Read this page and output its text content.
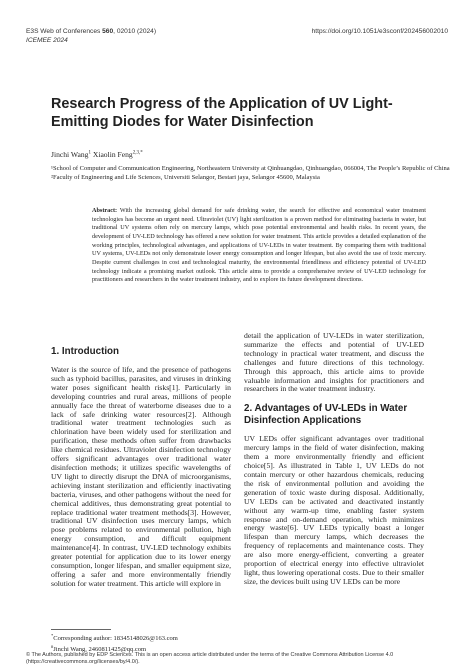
E3S Web of Conferences 560, 02010 (2024)
ICEMEE 2024
https://doi.org/10.1051/e3sconf/202456002010
Research Progress of the Application of UV Light-Emitting Diodes for Water Disinfection
Jinchi Wang$^1$ Xiaolin Feng$^{2,3,*}$

¹School of Computer and Communication Engineering, Northeastern University at Qinhuangdao, Qinhuangdao, 066004, The People’s Republic of China

²Faculty of Engineering and Life Sciences, Universiti Selangor, Bestari jaya, Selangor 45600, Malaysia

Abstract: With the increasing global demand for safe drinking water, the search for effective and economical water treatment technologies has become an urgent need. Ultraviolet (UV) light sterilization is a proven method for eliminating bacteria in water, but traditional UV systems often rely on mercury lamps, which pose potential environmental and health risks. In recent years, the development of UV-LED technology has offered a new solution for water treatment. This article provides a detailed explanation of the working principles, technological advantages, and applications of UV-LEDs in water treatment. By comparing them with traditional UV systems, UV-LEDs not only demonstrate lower energy consumption and longer lifespan, but also avoid the use of toxic mercury. Despite current challenges in cost and technological maturity, the environmental friendliness and efficiency potential of UV-LED technology indicate a promising market outlook. This article aims to provide a comprehensive review of UV-LED technology for practitioners and researchers in the water treatment industry, and to explore its future development directions.
1. Introduction

Water is the source of life, and the presence of pathogens such as typhoid bacillus, parasites, and viruses in drinking water poses significant health risks[1]. Particularly in developing countries and rural areas, millions of people annually face the threat of waterborne diseases due to a lack of safe drinking water resources[2]. Although traditional water treatment technologies such as chlorination have been widely used for sterilization and purification, these methods often suffer from drawbacks like chemical residues. Ultraviolet disinfection technology offers significant advantages over traditional water disinfection methods; it utilizes specific wavelengths of UV light to directly disrupt the DNA of microorganisms, achieving instant sterilization and efficiently inactivating bacteria, viruses, and other pathogens without the need for chemical additives, thus demonstrating great potential to replace traditional water treatment methods[3]. However, traditional UV disinfection uses mercury lamps, which pose problems related to environmental pollution, high energy consumption, and difficult equipment maintenance[4]. In contrast, UV-LED technology exhibits greater potential for application due to its lower energy consumption, longer lifespan, and smaller equipment size, offering a safer and more environmentally friendly solution for water treatment. This article will explore in

detail the application of UV-LEDs in water sterilization, summarize the effects and potential of UV-LED technology in practical water treatment, and discuss the challenges and future directions of this technology. Through this approach, this article aims to provide valuable information and insights for practitioners and researchers in the water treatment industry.

2. Advantages of UV-LEDs in Water Disinfection Applications

UV LEDs offer significant advantages over traditional mercury lamps in the field of water disinfection, making them a more environmentally friendly and efficient choice[5]. As illustrated in Table 1, UV LEDs do not contain mercury or other hazardous chemicals, reducing the risk of environmental pollution and avoiding the generation of toxic waste during disposal. Additionally, UV LEDs can be activated and deactivated instantly without any warm-up time, enabling faster system response and on-demand operation, which minimizes energy waste[6]. UV LEDs typically boast a longer lifespan than mercury lamps, which decreases the frequency of replacements and maintenance costs. They are also more energy-efficient, converting a greater proportion of electrical energy into effective ultraviolet light, thus lowering operational costs. Due to their smaller size, the devices built using UV LEDs can be more

*Corresponding author: 18345148026@163.com

#Jinchi Wang, 2460811425@qq.com

© The Authors, published by EDP Sciences. This is an open access article distributed under the terms of the Creative Commons Attribution License 4.0
(https://creativecommons.org/licenses/by/4.0/).
